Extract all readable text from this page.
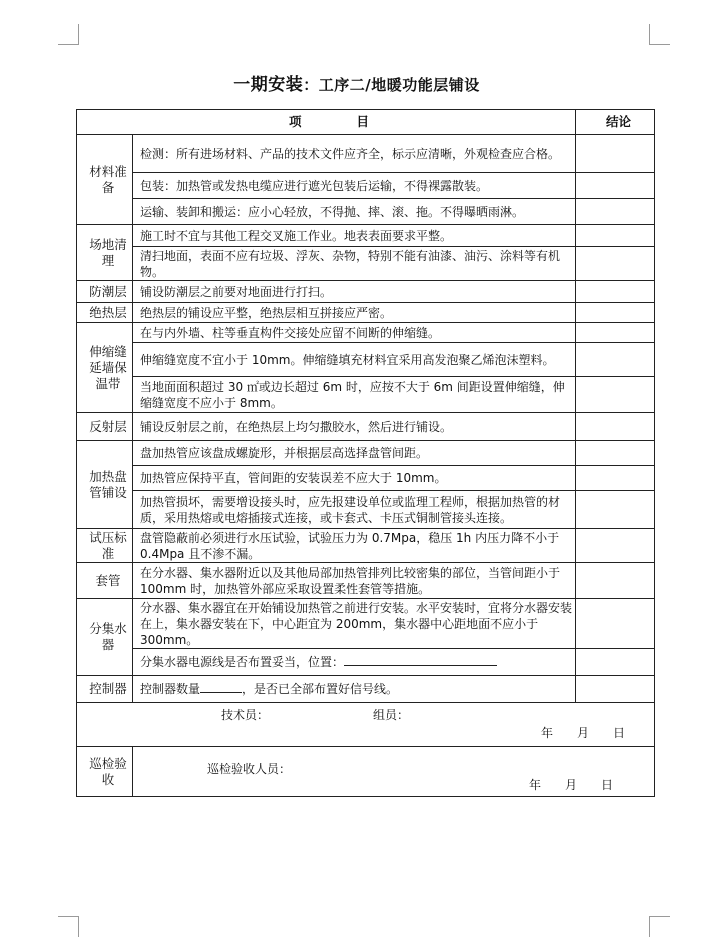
一期安装：工序二/地暖功能层铺设
项　　　　目		结论
材料准备	检测：所有进场材料、产品的技术文件应齐全，标示应清晰，外观检查应合格。	
	包装：加热管或发热电缆应进行遮光包装后运输，不得裸露散装。	
	运输、装卸和搬运：应小心轻放，不得抛、摔、滚、拖。不得曝晒雨淋。	
场地清理	施工时不宜与其他工程交叉施工作业。地表表面要求平整。	
	清扫地面，表面不应有垃圾、浮灰、杂物，特别不能有油漆、油污、涂料等有机物。	
防潮层	铺设防潮层之前要对地面进行打扫。	
绝热层	绝热层的铺设应平整，绝热层相互拼接应严密。	
伸缩缝延墙保温带	在与内外墙、柱等垂直构件交接处应留不间断的伸缩缝。	
	伸缩缝宽度不宜小于 10mm。伸缩缝填充材料宜采用高发泡聚乙烯泡沫塑料。	
	当地面面积超过 30 ㎡或边长超过 6m 时，应按不大于 6m 间距设置伸缩缝，伸缩缝宽度不应小于 8mm。	
反射层	铺设反射层之前，在绝热层上均匀撒胶水，然后进行铺设。	
加热盘管铺设	盘加热管应该盘成螺旋形，并根据层高选择盘管间距。	
	加热管应保持平直，管间距的安装误差不应大于 10mm。	
	加热管损坏，需要增设接头时，应先报建设单位或监理工程师，根据加热管的材质，采用热熔或电熔插接式连接，或卡套式、卡压式铜制管接头连接。	
试压标准	盘管隐蔽前必须进行水压试验，试验压力为 0.7Mpa，稳压 1h 内压力降不小于 0.4Mpa 且不渗不漏。	
套管	在分水器、集水器附近以及其他局部加热管排列比较密集的部位，当管间距小于 100mm 时，加热管外部应采取设置柔性套管等措施。	
分集水器	分水器、集水器宜在开始铺设加热管之前进行安装。水平安装时，宜将分水器安装在上，集水器安装在下，中心距宜为 200mm，集水器中心距地面不应小于 300mm。	
	分集水器电源线是否布置妥当，位置：	
控制器	控制器数量 ，是否已全部布置好信号线。	

技术员： 组员：
年　　月　　日		

巡检验收	巡检验收人员：
年　　月　　日	
